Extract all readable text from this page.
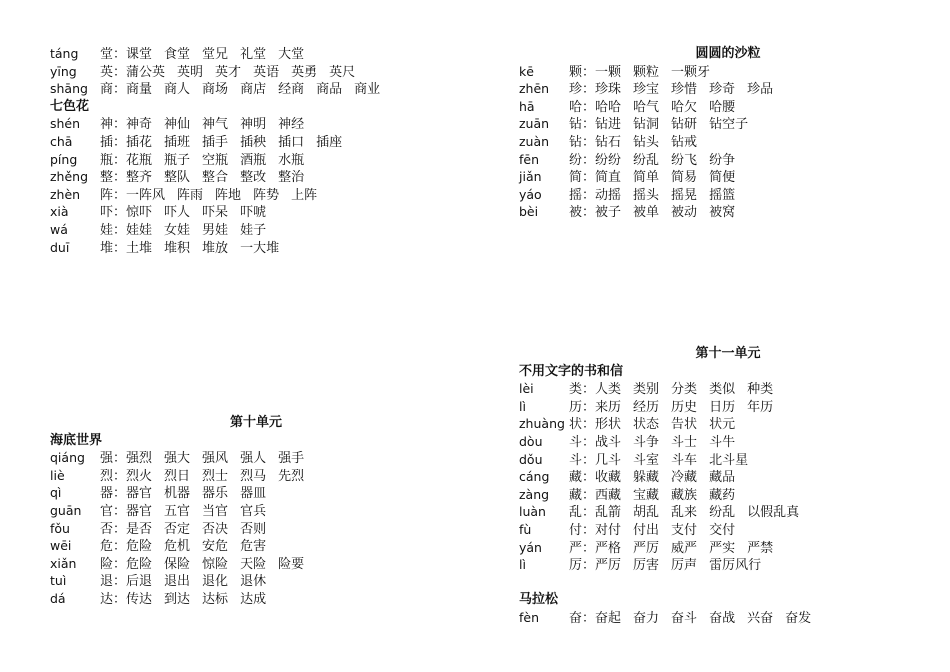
táng 堂：课堂 食堂 堂兄 礼堂 大堂
yīng 英：蒲公英 英明 英才 英语 英勇 英尺
shāng 商：商量 商人 商场 商店 经商 商品 商业
七色花
shén 神：神奇 神仙 神气 神明 神经
chā 插：插花 插班 插手 插秧 插口 插座
píng 瓶：花瓶 瓶子 空瓶 酒瓶 水瓶
zhěng 整：整齐 整队 整合 整改 整治
zhèn 阵：一阵风 阵雨 阵地 阵势 上阵
xià 吓：惊吓 吓人 吓呆 吓唬
wá 娃：娃娃 女娃 男娃 娃子
duī 堆：土堆 堆积 堆放 一大堆
第十单元
海底世界
qiáng 强：强烈 强大 强风 强人 强手
liè	烈：烈火 烈日 烈士 烈马 先烈
qì	器：器官 机器 器乐 器皿
guān 官：器官 五官 当官 官兵
fǒu 否：是否 否定 否决 否则
wēi 危：危险 危机 安危 危害
xiǎn 险：危险 保险 惊险 天险 险要
tuì	退：后退 退出 退化 退休
dá	达：传达 到达 达标 达成
圆圆的沙粒
kē	颗：一颗 颗粒 一颗牙
zhēn 珍：珍珠 珍宝 珍惜 珍奇 珍品
hā	哈：哈哈 哈气 哈欠 哈腰
zuān 钻：钻进 钻洞 钻研 钻空子
zuàn 钻：钻石 钻头 钻戒
fēn 纷：纷纷 纷乱 纷飞 纷争
jiǎn 简：简直 简单 简易 简便
yáo 摇：动摇 摇头 摇晃 摇篮
bèi 被：被子 被单 被动 被窝
第十一单元
不用文字的书和信
lèi	类：人类 类别 分类 类似 种类
lì	历：来历 经历 历史 日历 年历
zhuàng 状：形状 状态 告状 状元
dòu 斗：战斗 斗争 斗士 斗牛
dǒu 斗：几斗 斗室 斗车 北斗星
cáng 藏：收藏 躲藏 冷藏 藏品
zàng 藏：西藏 宝藏 藏族 藏药
luàn 乱：乱箭 胡乱 乱来 纷乱 以假乱真
fù	付：对付 付出 支付 交付
yán 严：严格 严厉 威严 严实 严禁
lì	厉：严厉 厉害 厉声 雷厉风行
马拉松
fèn 奋：奋起 奋力 奋斗 奋战 兴奋 奋发
